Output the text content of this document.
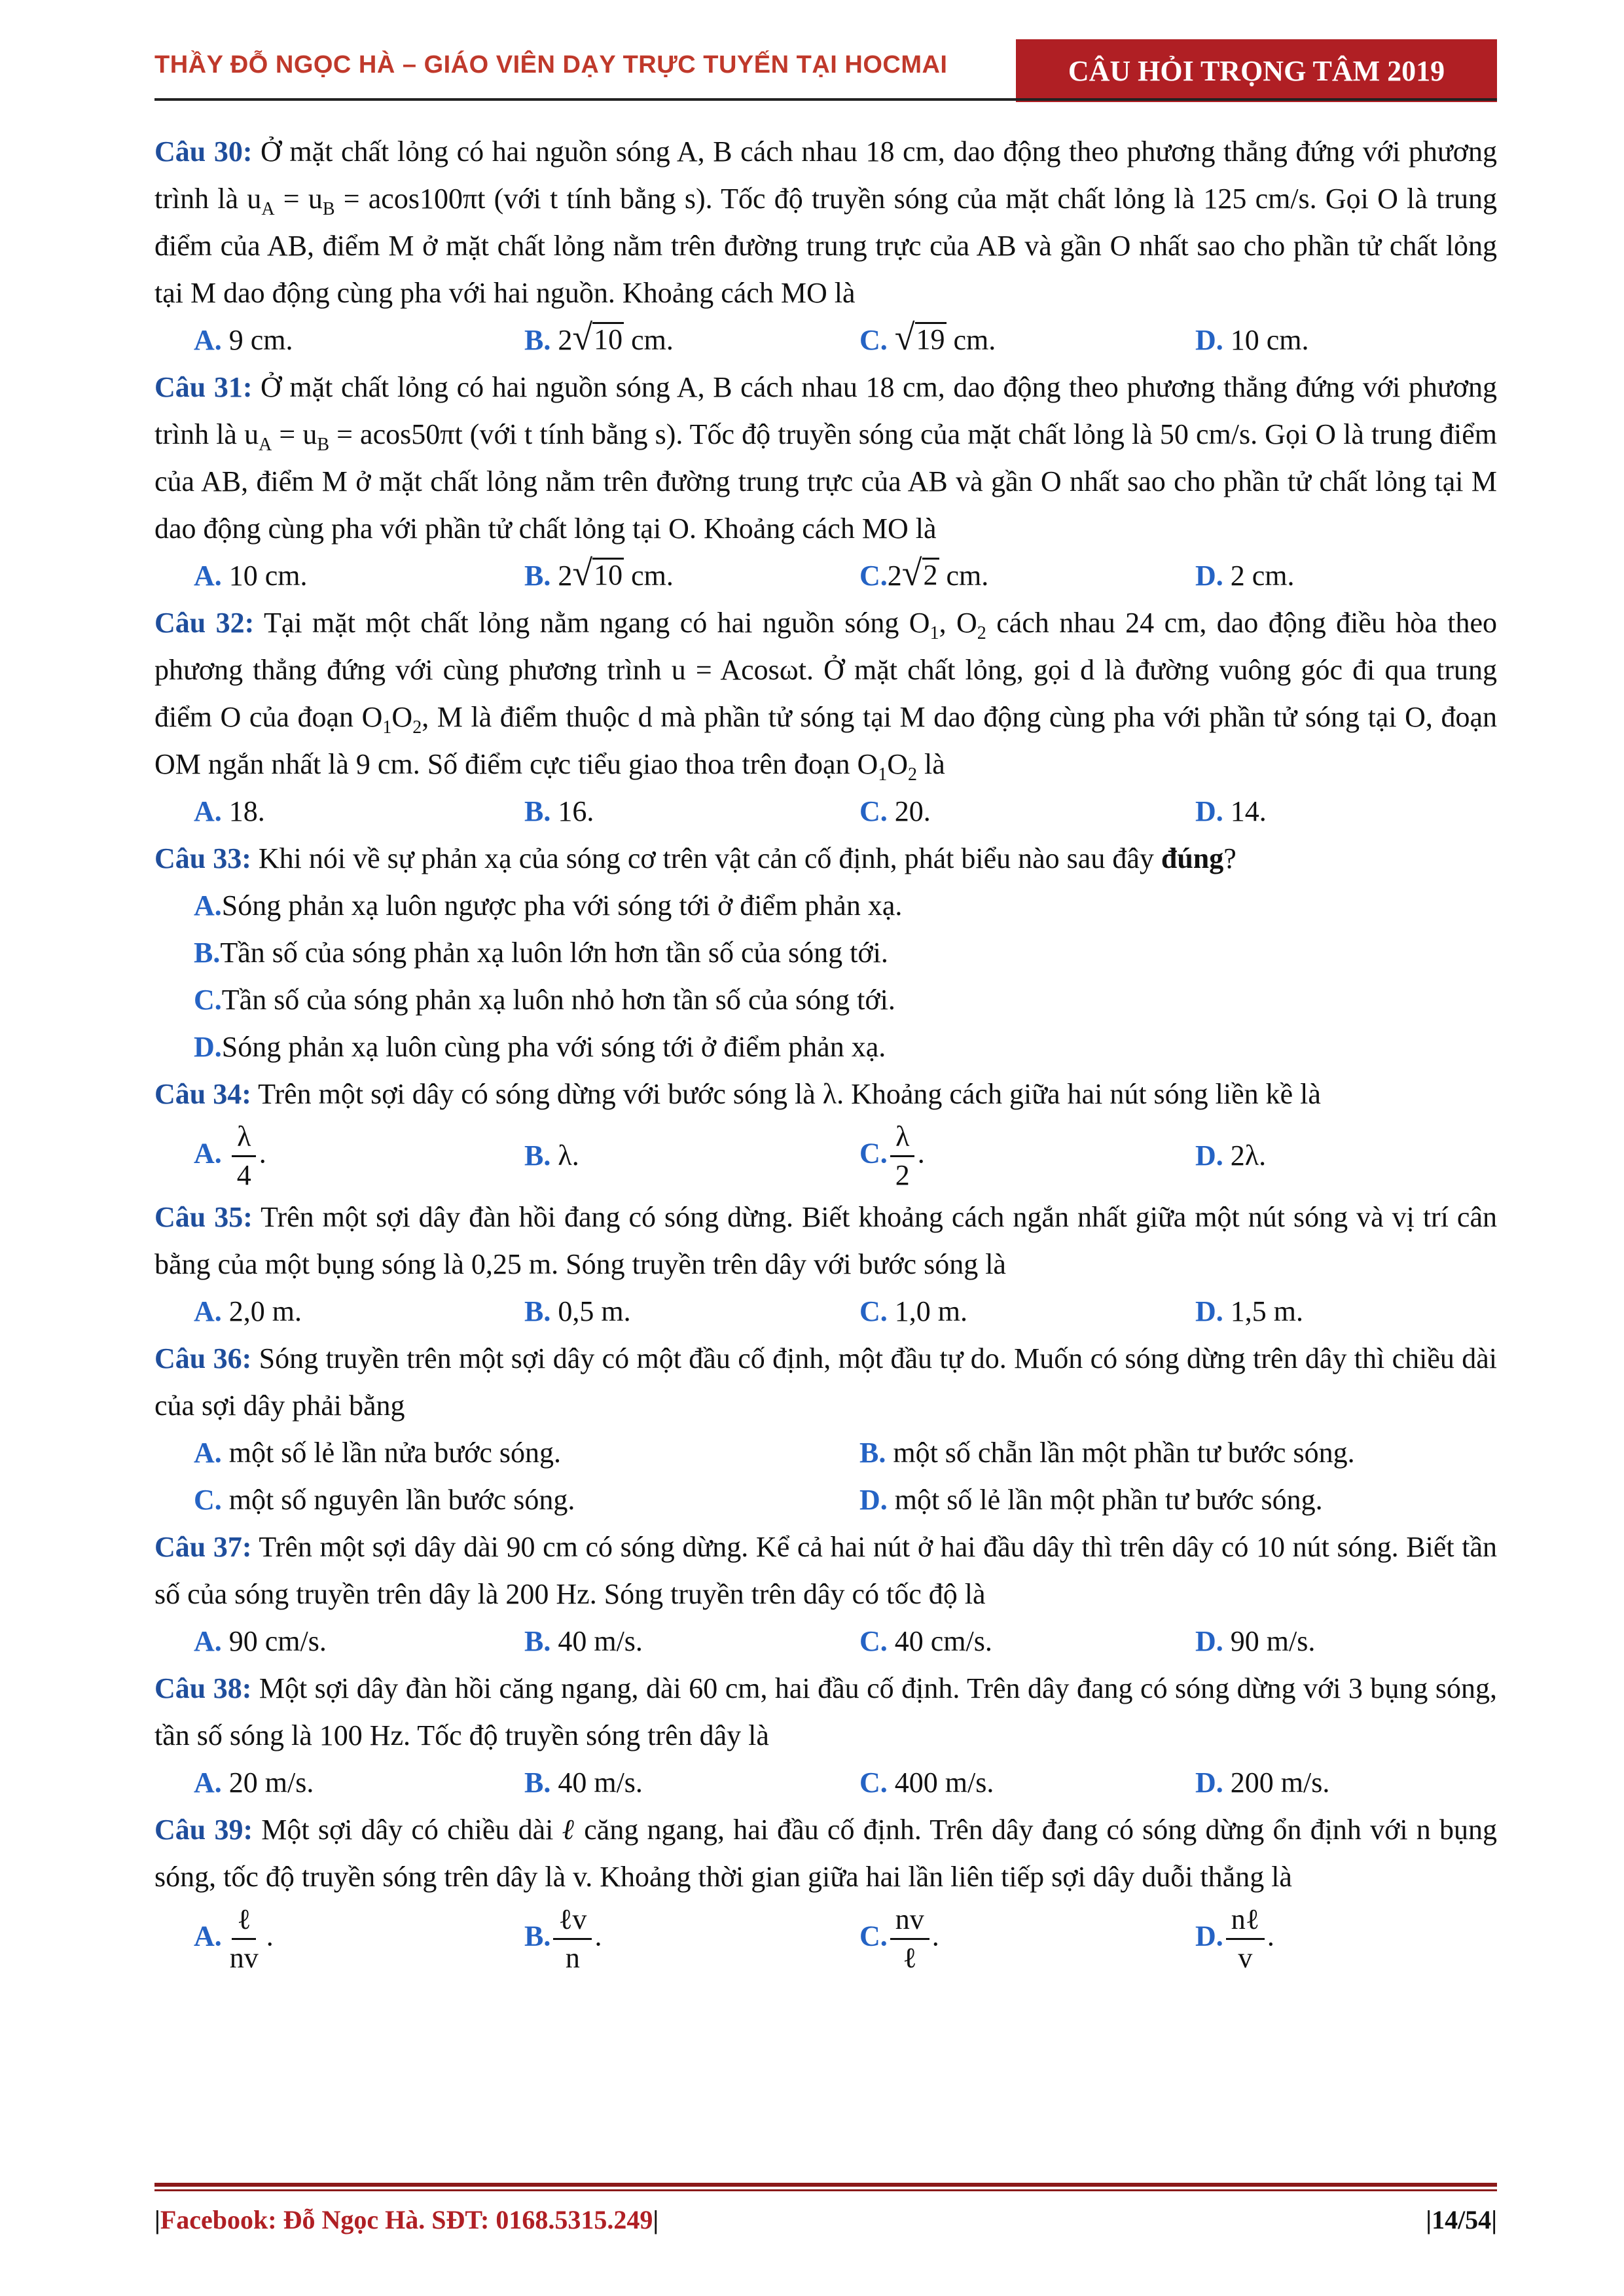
THẦY ĐỖ NGỌC HÀ – GIÁO VIÊN DẠY TRỰC TUYẾN TẠI HOCMAI	CÂU HỎI TRỌNG TÂM 2019
Câu 30: Ở mặt chất lỏng có hai nguồn sóng A, B cách nhau 18 cm, dao động theo phương thẳng đứng với phương trình là $u_A = u_B = acos100\pi t$ (với t tính bằng s). Tốc độ truyền sóng của mặt chất lỏng là 125 cm/s. Gọi O là trung điểm của AB, điểm M ở mặt chất lỏng nằm trên đường trung trực của AB và gần O nhất sao cho phần tử chất lỏng tại M dao động cùng pha với hai nguồn. Khoảng cách MO là
A. 9 cm.	B. 2 √ 10 cm.	C. √ 19 cm.	D. 10 cm.
Câu 31: Ở mặt chất lỏng có hai nguồn sóng A, B cách nhau 18 cm, dao động theo phương thẳng đứng với phương trình là $u_A = u_B = acos50\pi t$ (với t tính bằng s). Tốc độ truyền sóng của mặt chất lỏng là 50 cm/s. Gọi O là trung điểm của AB, điểm M ở mặt chất lỏng nằm trên đường trung trực của AB và gần O nhất sao cho phần tử chất lỏng tại M dao động cùng pha với phần tử chất lỏng tại O. Khoảng cách MO là
A. 10 cm.	B. 2 √ 10 cm.	C.2 √ 2 cm.	D. 2 cm.
Câu 32: Tại mặt một chất lỏng nằm ngang có hai nguồn sóng $O_1$, $O_2$ cách nhau 24 cm, dao động điều hòa theo phương thẳng đứng với cùng phương trình u = Acosωt. Ở mặt chất lỏng, gọi d là đường vuông góc đi qua trung điểm O của đoạn $O_1O_2$, M là điểm thuộc d mà phần tử sóng tại M dao động cùng pha với phần tử sóng tại O, đoạn OM ngắn nhất là 9 cm. Số điểm cực tiểu giao thoa trên đoạn $O_1O_2$ là
A. 18.	B. 16.	C. 20.	D. 14.
Câu 33: Khi nói về sự phản xạ của sóng cơ trên vật cản cố định, phát biểu nào sau đây đúng?
A. Sóng phản xạ luôn ngược pha với sóng tới ở điểm phản xạ.
B. Tần số của sóng phản xạ luôn lớn hơn tần số của sóng tới.
C. Tần số của sóng phản xạ luôn nhỏ hơn tần số của sóng tới.
D. Sóng phản xạ luôn cùng pha với sóng tới ở điểm phản xạ.
Câu 34: Trên một sợi dây có sóng dừng với bước sóng là λ. Khoảng cách giữa hai nút sóng liền kề là
A. $\frac{\lambda}{4}$ .	B. λ.	C. $\frac{\lambda}{2}$ .	D. 2λ.
Câu 35: Trên một sợi dây đàn hồi đang có sóng dừng. Biết khoảng cách ngắn nhất giữa một nút sóng và vị trí cân bằng của một bụng sóng là 0,25 m. Sóng truyền trên dây với bước sóng là
A. 2,0 m.	B. 0,5 m.	C. 1,0 m.	D. 1,5 m.
Câu 36: Sóng truyền trên một sợi dây có một đầu cố định, một đầu tự do. Muốn có sóng dừng trên dây thì chiều dài của sợi dây phải bằng
A. một số lẻ lần nửa bước sóng.	B. một số chẵn lần một phần tư bước sóng.
C. một số nguyên lần bước sóng.	D. một số lẻ lần một phần tư bước sóng.
Câu 37: Trên một sợi dây dài 90 cm có sóng dừng. Kể cả hai nút ở hai đầu dây thì trên dây có 10 nút sóng. Biết tần số của sóng truyền trên dây là 200 Hz. Sóng truyền trên dây có tốc độ là
A. 90 cm/s.	B. 40 m/s.	C. 40 cm/s.	D. 90 m/s.
Câu 38: Một sợi dây đàn hồi căng ngang, dài 60 cm, hai đầu cố định. Trên dây đang có sóng dừng với 3 bụng sóng, tần số sóng là 100 Hz. Tốc độ truyền sóng trên dây là
A. 20 m/s.	B. 40 m/s.	C. 400 m/s.	D. 200 m/s.
Câu 39: Một sợi dây có chiều dài ℓ căng ngang, hai đầu cố định. Trên dây đang có sóng dừng ổn định với n bụng sóng, tốc độ truyền sóng trên dây là v. Khoảng thời gian giữa hai lần liên tiếp sợi dây duỗi thẳng là
A. $\frac{\text{ℓ}}{nv}$ .	B. $\frac{\text{ℓv}}{n}$ .	C. $\frac{nv}{\text{ℓ}}$ .	D. $\frac{\text{nℓ}}{v}$ .
|Facebook: Đỗ Ngọc Hà. SĐT: 0168.5315.249|	|14/54|
